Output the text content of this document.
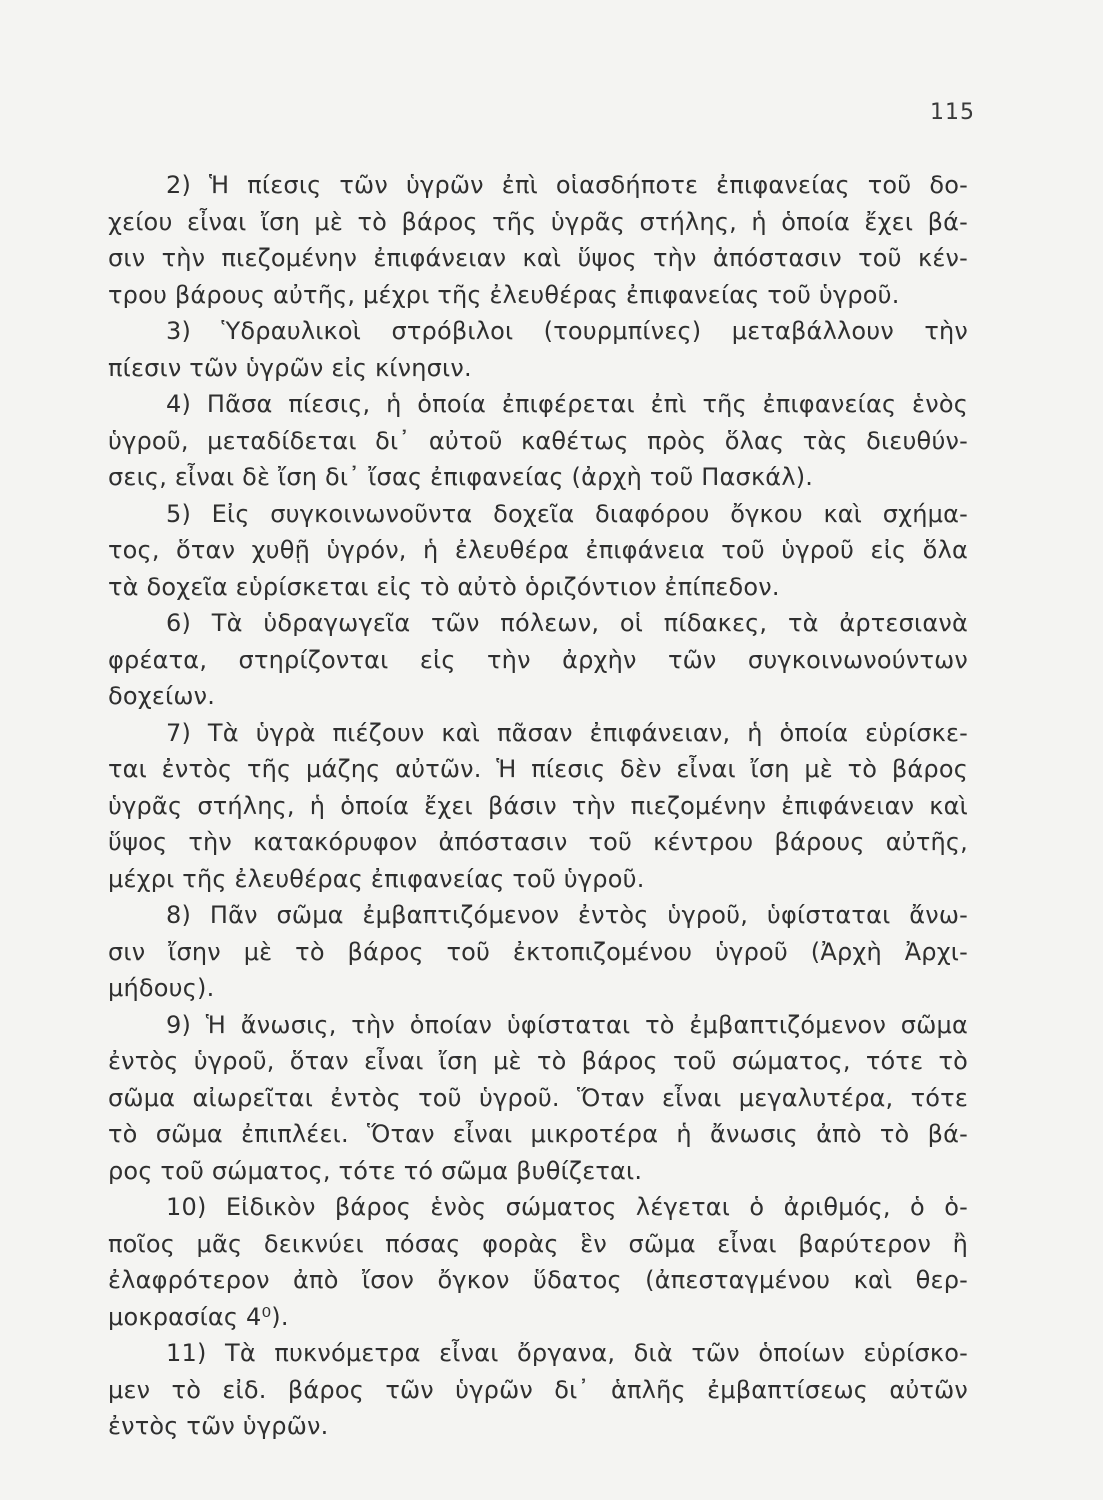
115
2) Ἡ πίεσις τῶν ὑγρῶν ἐπὶ οἱασδήποτε ἐπιφανείας τοῦ δο-
χείου εἶναι ἴση μὲ τὸ βάρος τῆς ὑγρᾶς στήλης, ἡ ὁποία ἔχει βά-
σιν τὴν πιεζομένην ἐπιφάνειαν καὶ ὕψος τὴν ἀπόστασιν τοῦ κέν-
τρου βάρους αὐτῆς, μέχρι τῆς ἐλευθέρας ἐπιφανείας τοῦ ὑγροῦ.
3) Ὑδραυλικοὶ στρόβιλοι (τουρμπίνες) μεταβάλλουν τὴν
πίεσιν τῶν ὑγρῶν εἰς κίνησιν.
4) Πᾶσα πίεσις, ἡ ὁποία ἐπιφέρεται ἐπὶ τῆς ἐπιφανείας ἑνὸς
ὑγροῦ, μεταδίδεται δι᾽ αὐτοῦ καθέτως πρὸς ὅλας τὰς διευθύν-
σεις, εἶναι δὲ ἴση δι᾽ ἴσας ἐπιφανείας (ἀρχὴ τοῦ Πασκάλ).
5) Εἰς συγκοινωνοῦντα δοχεῖα διαφόρου ὄγκου καὶ σχήμα-
τος, ὅταν χυθῇ ὑγρόν, ἡ ἐλευθέρα ἐπιφάνεια τοῦ ὑγροῦ εἰς ὅλα
τὰ δοχεῖα εὑρίσκεται εἰς τὸ αὐτὸ ὁριζόντιον ἐπίπεδον.
6) Τὰ ὑδραγωγεῖα τῶν πόλεων, οἱ πίδακες, τὰ ἀρτεσιανὰ
φρέατα, στηρίζονται εἰς τὴν ἀρχὴν τῶν συγκοινωνούντων
δοχείων.
7) Τὰ ὑγρὰ πιέζουν καὶ πᾶσαν ἐπιφάνειαν, ἡ ὁποία εὑρίσκε-
ται ἐντὸς τῆς μάζης αὐτῶν. Ἡ πίεσις δὲν εἶναι ἴση μὲ τὸ βάρος
ὑγρᾶς στήλης, ἡ ὁποία ἔχει βάσιν τὴν πιεζομένην ἐπιφάνειαν καὶ
ὕψος τὴν κατακόρυφον ἀπόστασιν τοῦ κέντρου βάρους αὐτῆς,
μέχρι τῆς ἐλευθέρας ἐπιφανείας τοῦ ὑγροῦ.
8) Πᾶν σῶμα ἐμβαπτιζόμενον ἐντὸς ὑγροῦ, ὑφίσταται ἄνω-
σιν ἴσην μὲ τὸ βάρος τοῦ ἐκτοπιζομένου ὑγροῦ (Ἀρχὴ Ἀρχι-
μήδους).
9) Ἡ ἄνωσις, τὴν ὁποίαν ὑφίσταται τὸ ἐμβαπτιζόμενον σῶμα
ἐντὸς ὑγροῦ, ὅταν εἶναι ἴση μὲ τὸ βάρος τοῦ σώματος, τότε τὸ
σῶμα αἰωρεῖται ἐντὸς τοῦ ὑγροῦ. Ὅταν εἶναι μεγαλυτέρα, τότε
τὸ σῶμα ἐπιπλέει. Ὅταν εἶναι μικροτέρα ἡ ἄνωσις ἀπὸ τὸ βά-
ρος τοῦ σώματος, τότε τό σῶμα βυθίζεται.
10) Εἰδικὸν βάρος ἑνὸς σώματος λέγεται ὁ ἀριθμός, ὁ ὁ-
ποῖος μᾶς δεικνύει πόσας φορὰς ἓν σῶμα εἶναι βαρύτερον ἢ
ἐλαφρότερον ἀπὸ ἴσον ὄγκον ὕδατος (ἀπεσταγμένου καὶ θερ-
μοκρασίας 4⁰).
11) Τὰ πυκνόμετρα εἶναι ὄργανα, διὰ τῶν ὁποίων εὑρίσκο-
μεν τὸ εἰδ. βάρος τῶν ὑγρῶν δι᾽ ἁπλῆς ἐμβαπτίσεως αὐτῶν
ἐντὸς τῶν ὑγρῶν.
